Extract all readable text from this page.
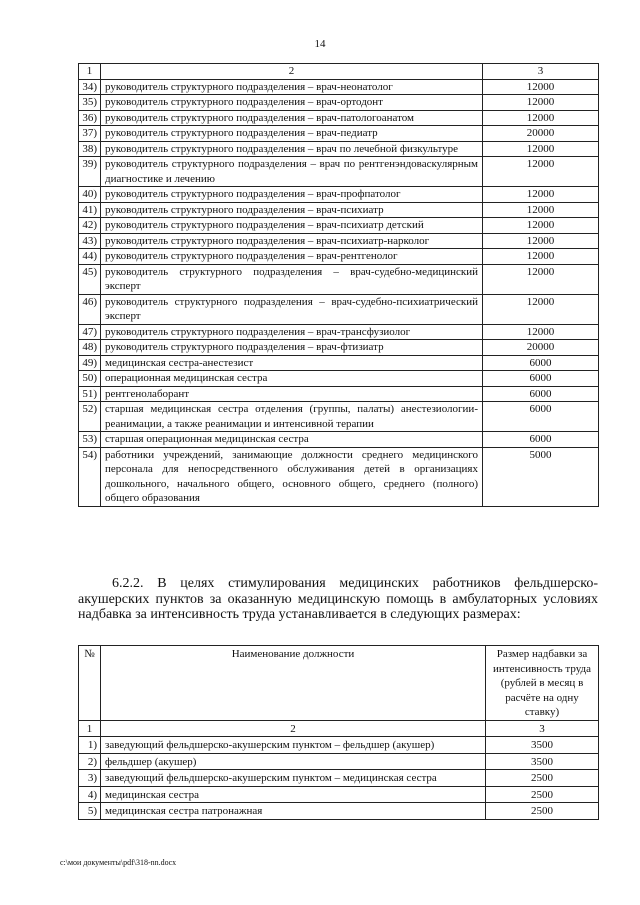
14
1	2	3
34)	руководитель структурного подразделения – врач-неонатолог	12000
35)	руководитель структурного подразделения – врач-ортодонт	12000
36)	руководитель структурного подразделения – врач-патологоанатом	12000
37)	руководитель структурного подразделения – врач-педиатр	20000
38)	руководитель структурного подразделения – врач по лечебной физкультуре	12000
39)	руководитель структурного подразделения – врач по рентгенэндоваскулярным диагностике и лечению	12000
40)	руководитель структурного подразделения – врач-профпатолог	12000
41)	руководитель структурного подразделения – врач-психиатр	12000
42)	руководитель структурного подразделения – врач-психиатр детский	12000
43)	руководитель структурного подразделения – врач-психиатр-нарколог	12000
44)	руководитель структурного подразделения – врач-рентгенолог	12000
45)	руководитель структурного подразделения – врач-судебно-медицинский эксперт	12000
46)	руководитель структурного подразделения – врач-судебно-психиатрический эксперт	12000
47)	руководитель структурного подразделения – врач-трансфузиолог	12000
48)	руководитель структурного подразделения – врач-фтизиатр	20000
49)	медицинская сестра-анестезист	6000
50)	операционная медицинская сестра	6000
51)	рентгенолаборант	6000
52)	старшая медицинская сестра отделения (группы, палаты) анестезиологии-реанимации, а также реанимации и интенсивной терапии	6000
53)	старшая операционная медицинская сестра	6000
54)	работники учреждений, занимающие должности среднего медицинского персонала для непосредственного обслуживания детей в организациях дошкольного, начального общего, основного общего, среднего (полного) общего образования	5000

6.2.2. В целях стимулирования медицинских работников фельдшерско-акушерских пунктов за оказанную медицинскую помощь в амбулаторных условиях надбавка за интенсивность труда устанавливается в следующих размерах:

№	Наименование должности	Размер надбавки за интенсивность труда (рублей в месяц в расчёте на одну ставку)
1	2	3
1)	заведующий фельдшерско-акушерским пунктом – фельдшер (акушер)	3500
2)	фельдшер (акушер)	3500
3)	заведующий фельдшерско-акушерским пунктом – медицинская сестра	2500
4)	медицинская сестра	2500
5)	медицинская сестра патронажная	2500
c:\мои документы\pdf\318-nn.docx
